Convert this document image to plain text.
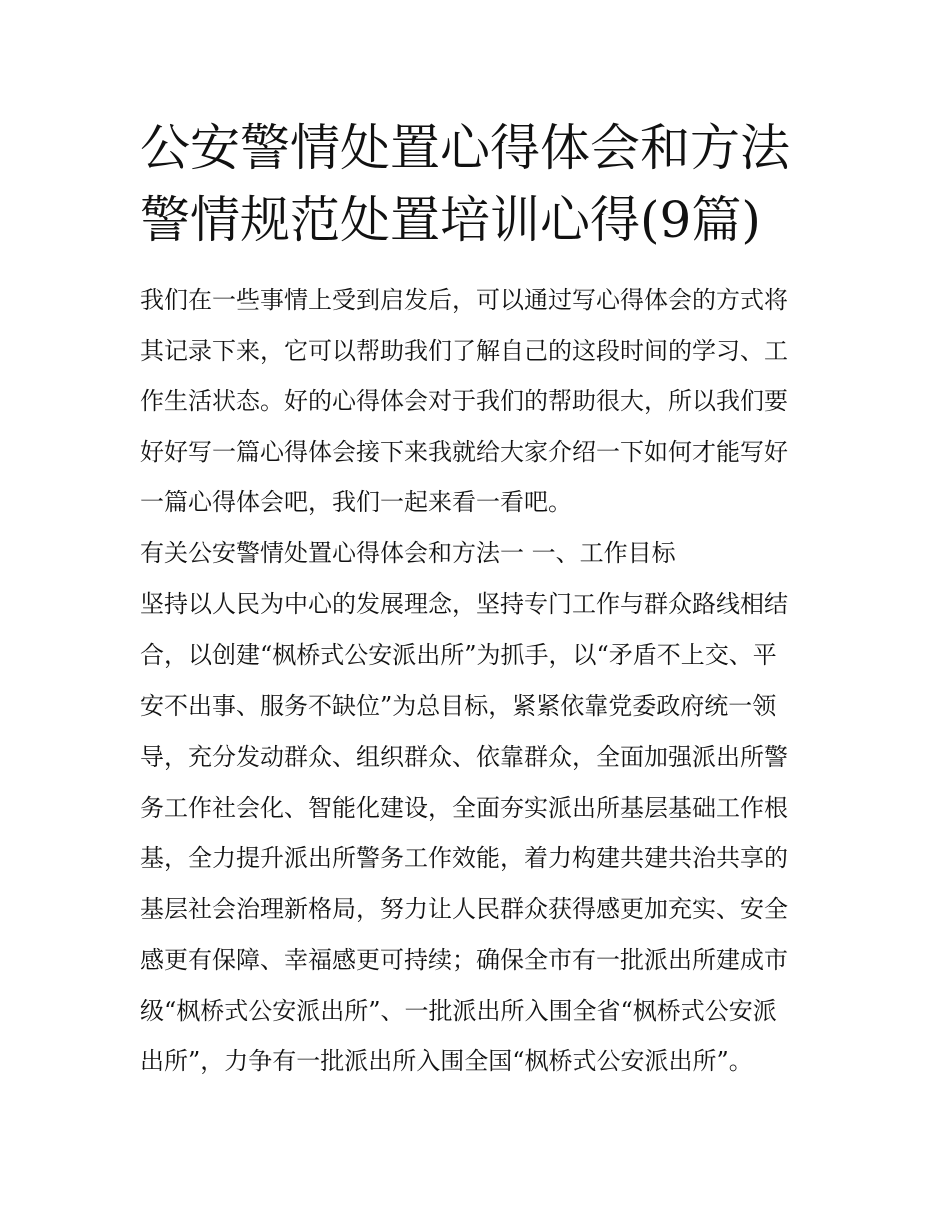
公安警情处置心得体会和方法
警情规范处置培训心得(9篇)
我们在一些事情上受到启发后，可以通过写心得体会的方式将
其记录下来，它可以帮助我们了解自己的这段时间的学习、工
作生活状态。好的心得体会对于我们的帮助很大，所以我们要
好好写一篇心得体会接下来我就给大家介绍一下如何才能写好
一篇心得体会吧，我们一起来看一看吧。
有关公安警情处置心得体会和方法一 一、工作目标
坚持以人民为中心的发展理念，坚持专门工作与群众路线相结
合，以创建“枫桥式公安派出所”为抓手，以“矛盾不上交、平
安不出事、服务不缺位”为总目标，紧紧依靠党委政府统一领
导，充分发动群众、组织群众、依靠群众，全面加强派出所警
务工作社会化、智能化建设，全面夯实派出所基层基础工作根
基，全力提升派出所警务工作效能，着力构建共建共治共享的
基层社会治理新格局，努力让人民群众获得感更加充实、安全
感更有保障、幸福感更可持续；确保全市有一批派出所建成市
级“枫桥式公安派出所”、一批派出所入围全省“枫桥式公安派
出所”，力争有一批派出所入围全国“枫桥式公安派出所”。
